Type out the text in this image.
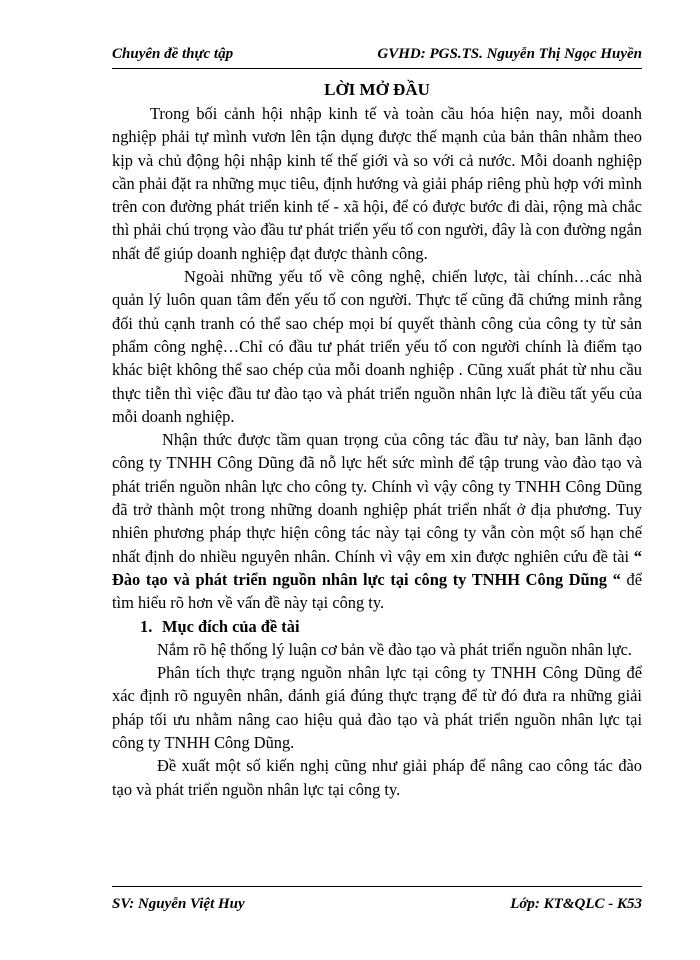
Chuyên đề thực tập	GVHD: PGS.TS. Nguyễn Thị Ngọc Huyền
LỜI MỞ ĐẦU

Trong bối cảnh hội nhập kinh tế và toàn cầu hóa hiện nay, mỗi doanh nghiệp phải tự mình vươn lên tận dụng được thế mạnh của bản thân nhằm theo kịp và chủ động hội nhập kinh tế thế giới và so với cả nước. Mỗi doanh nghiệp cần phải đặt ra những mục tiêu, định hướng và giải pháp riêng phù hợp với mình trên con đường phát triển kinh tế - xã hội, để có được bước đi dài, rộng mà chắc thì phải chú trọng vào đầu tư phát triển yếu tố con người, đây là con đường ngắn nhất để giúp doanh nghiệp đạt được thành công.

Ngoài những yếu tố về công nghệ, chiến lược, tài chính…các nhà quản lý luôn quan tâm đến yếu tố con người. Thực tế cũng đã chứng minh rằng đối thủ cạnh tranh có thể sao chép mọi bí quyết thành công của công ty từ sản phẩm công nghệ…Chỉ có đầu tư phát triển yếu tố con người chính là điểm tạo khác biệt không thể sao chép của mỗi doanh nghiệp . Cũng xuất phát từ nhu cầu thực tiễn thì việc đầu tư đào tạo và phát triển nguồn nhân lực là điều tất yếu của mỗi doanh nghiệp.

Nhận thức được tầm quan trọng của công tác đầu tư này, ban lãnh đạo công ty TNHH Công Dũng đã nỗ lực hết sức mình để tập trung vào đào tạo và phát triển nguồn nhân lực cho công ty. Chính vì vậy công ty TNHH Công Dũng đã trở thành một trong những doanh nghiệp phát triển nhất ở địa phương. Tuy nhiên phương pháp thực hiện công tác này tại công ty vẫn còn một số hạn chế nhất định do nhiều nguyên nhân. Chính vì vậy em xin được nghiên cứu đề tài “ Đào tạo và phát triển nguồn nhân lực tại công ty TNHH Công Dũng “ để tìm hiểu rõ hơn về vấn đề này tại công ty.

1. Mục đích của đề tài

Nắm rõ hệ thống lý luận cơ bản về đào tạo và phát triển nguồn nhân lực.

Phân tích thực trạng nguồn nhân lực tại công ty TNHH Công Dũng để xác định rõ nguyên nhân, đánh giá đúng thực trạng để từ đó đưa ra những giải pháp tối ưu nhằm nâng cao hiệu quả đào tạo và phát triển nguồn nhân lực tại công ty TNHH Công Dũng.

Đề xuất một số kiến nghị cũng như giải pháp để nâng cao công tác đào tạo và phát triển nguồn nhân lực tại công ty.

SV: Nguyễn Việt Huy	Lớp: KT&QLC - K53
